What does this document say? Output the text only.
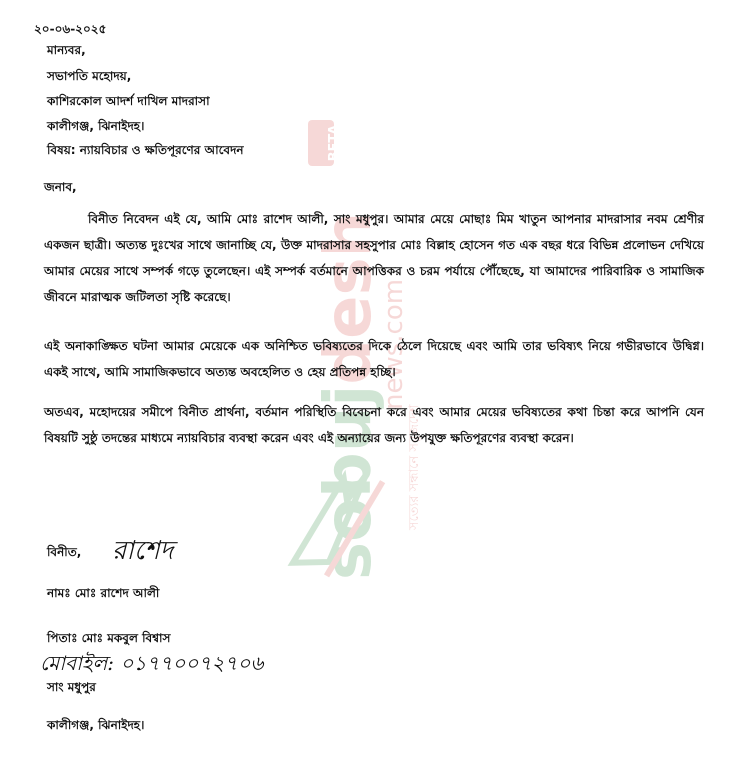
BETA
sobujdesh
news.com
সত্যের সন্ধানে সবুজদেশ
২০-০৬-২০২৫
মান্যবর,
সভাপতি মহোদয়,
কাশিরকোল আদর্শ দাখিল মাদরাসা
কালীগঞ্জ, ঝিনাইদহ।
বিষয়: ন্যায়বিচার ও ক্ষতিপূরণের আবেদন
জনাব,
বিনীত নিবেদন এই যে, আমি মোঃ রাশেদ আলী, সাং মধুপুর। আমার মেয়ে মোছাঃ মিম খাতুন আপনার মাদরাসার নবম শ্রেণীর একজন ছাত্রী। অত্যন্ত দুঃখের সাথে জানাচ্ছি যে, উক্ত মাদরাসার সহসুপার মোঃ বিল্লাহ হোসেন গত এক বছর ধরে বিভিন্ন প্রলোভন দেখিয়ে আমার মেয়ের সাথে সম্পর্ক গড়ে তুলেছেন। এই সম্পর্ক বর্তমানে আপত্তিকর ও চরম পর্যায়ে পৌঁছেছে, যা আমাদের পারিবারিক ও সামাজিক জীবনে মারাত্মক জটিলতা সৃষ্টি করেছে।
এই অনাকাঙ্ক্ষিত ঘটনা আমার মেয়েকে এক অনিশ্চিত ভবিষ্যতের দিকে ঠেলে দিয়েছে এবং আমি তার ভবিষ্যৎ নিয়ে গভীরভাবে উদ্বিগ্ন। একই সাথে, আমি সামাজিকভাবে অত্যন্ত অবহেলিত ও হেয় প্রতিপন্ন হচ্ছি।
অতএব, মহোদয়ের সমীপে বিনীত প্রার্থনা, বর্তমান পরিস্থিতি বিবেচনা করে এবং আমার মেয়ের ভবিষ্যতের কথা চিন্তা করে আপনি যেন বিষয়টি সুষ্ঠু তদন্তের মাধ্যমে ন্যায়বিচার ব্যবস্থা করেন এবং এই অন্যায়ের জন্য উপযুক্ত ক্ষতিপূরণের ব্যবস্থা করেন।
বিনীত, রাশেদ
নামঃ মোঃ রাশেদ আলী
পিতাঃ মোঃ মকবুল বিশ্বাস
মোবাইল: ০১৭৭০০৭২৭০৬
সাং মধুপুর
কালীগঞ্জ, ঝিনাইদহ।
